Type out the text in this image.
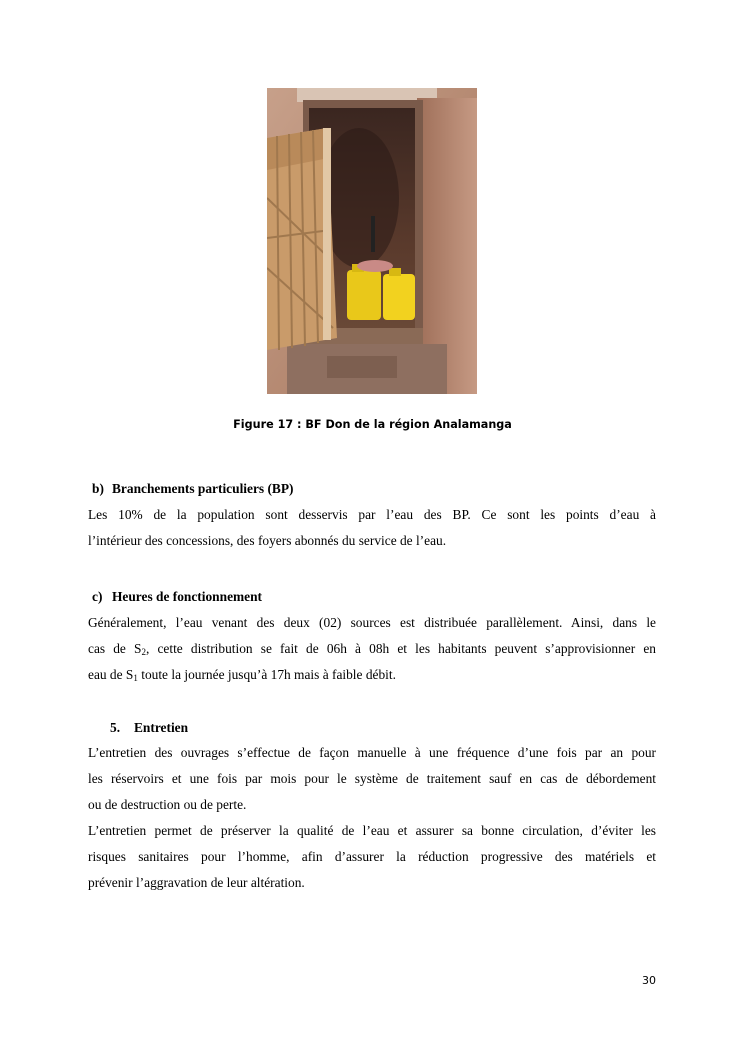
Figure 17 : BF Don de la région Analamanga
b) Branchements particuliers (BP)

Les 10% de la population sont desservis par l’eau des BP. Ce sont les points d’eau à
l’intérieur des concessions, des foyers abonnés du service de l’eau.

c) Heures de fonctionnement

Généralement, l’eau venant des deux (02) sources est distribuée parallèlement. Ainsi, dans le
cas de $S_2$, cette distribution se fait de 06h à 08h et les habitants peuvent s’approvisionner en
eau de $S_1$ toute la journée jusqu’à 17h mais à faible débit.

5. Entretien

L’entretien des ouvrages s’effectue de façon manuelle à une fréquence d’une fois par an pour
les réservoirs et une fois par mois pour le système de traitement sauf en cas de débordement
ou de destruction ou de perte.

L’entretien permet de préserver la qualité de l’eau et assurer sa bonne circulation, d’éviter les
risques sanitaires pour l’homme, afin d’assurer la réduction progressive des matériels et
prévenir l’aggravation de leur altération.

30
